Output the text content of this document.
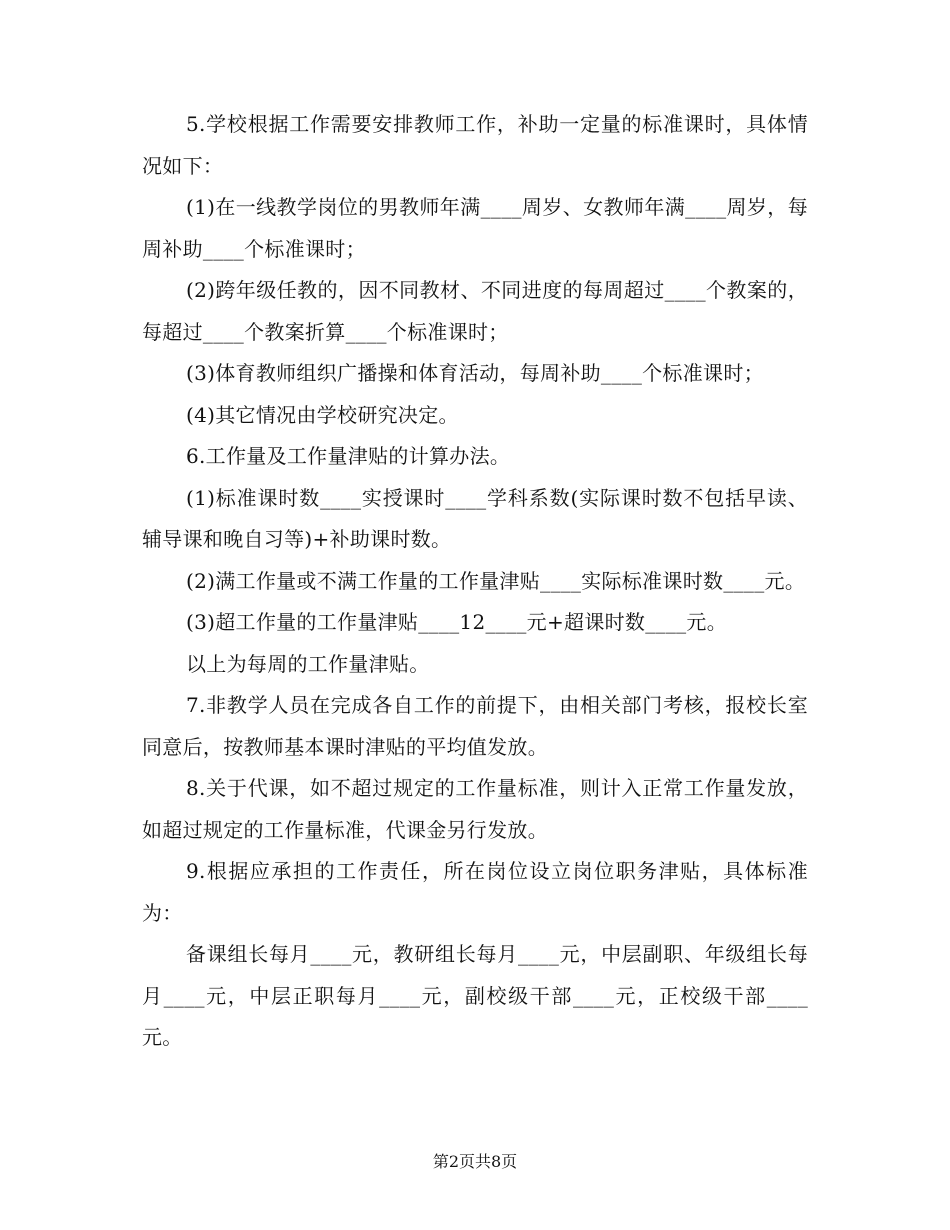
5.学校根据工作需要安排教师工作，补助一定量的标准课时，具体情况如下：

(1)在一线教学岗位的男教师年满____周岁、女教师年满____周岁，每周补助____个标准课时；

(2)跨年级任教的，因不同教材、不同进度的每周超过____个教案的，每超过____个教案折算____个标准课时；

(3)体育教师组织广播操和体育活动，每周补助____个标准课时；

(4)其它情况由学校研究决定。

6.工作量及工作量津贴的计算办法。

(1)标准课时数____实授课时____学科系数(实际课时数不包括早读、辅导课和晚自习等)+补助课时数。

(2)满工作量或不满工作量的工作量津贴____实际标准课时数____元。

(3)超工作量的工作量津贴____12____元+超课时数____元。

以上为每周的工作量津贴。

7.非教学人员在完成各自工作的前提下，由相关部门考核，报校长室同意后，按教师基本课时津贴的平均值发放。

8.关于代课，如不超过规定的工作量标准，则计入正常工作量发放，如超过规定的工作量标准，代课金另行发放。

9.根据应承担的工作责任，所在岗位设立岗位职务津贴，具体标准为：

备课组长每月____元，教研组长每月____元，中层副职、年级组长每月____元，中层正职每月____元，副校级干部____元，正校级干部____元。

第2页共8页
